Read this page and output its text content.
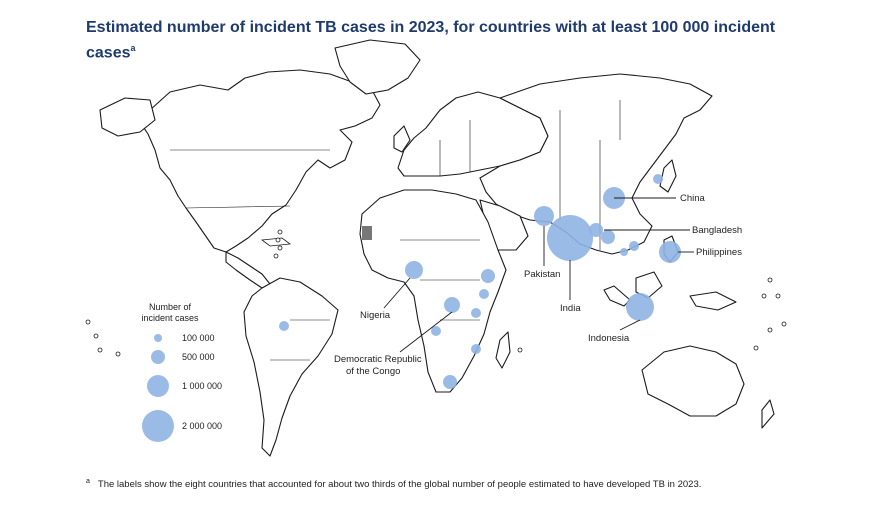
Estimated number of incident TB cases in 2023, for countries with at least 100 000 incident cases$^a$
Number of
incident cases
100 000
500 000
1 000 000
2 000 000
China
Bangladesh
Philippines
Pakistan
India
Indonesia
Nigeria
Democratic Republic
of the Congo
$^a$ The labels show the eight countries that accounted for about two thirds of the global number of people estimated to have developed TB in 2023.
